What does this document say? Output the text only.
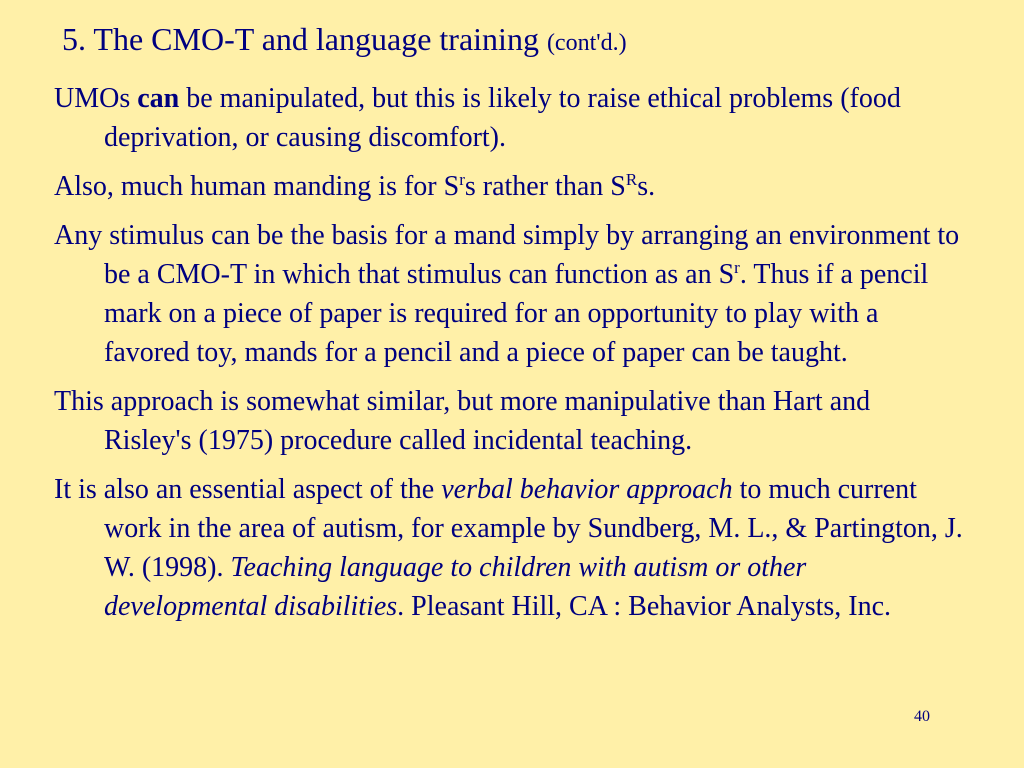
5. The CMO-T and language training (cont'd.)

UMOs can be manipulated, but this is likely to raise ethical problems (food deprivation, or causing discomfort).

Also, much human manding is for $S^rs$ rather than $S^Rs$.

Any stimulus can be the basis for a mand simply by arranging an environment to be a CMO-T in which that stimulus can function as an $S^r$. Thus if a pencil mark on a piece of paper is required for an opportunity to play with a favored toy, mands for a pencil and a piece of paper can be taught.

This approach is somewhat similar, but more manipulative than Hart and Risley's (1975) procedure called incidental teaching.

It is also an essential aspect of the verbal behavior approach to much current work in the area of autism, for example by Sundberg, M. L., & Partington, J. W. (1998). Teaching language to children with autism or other developmental disabilities. Pleasant Hill, CA : Behavior Analysts, Inc.

40
